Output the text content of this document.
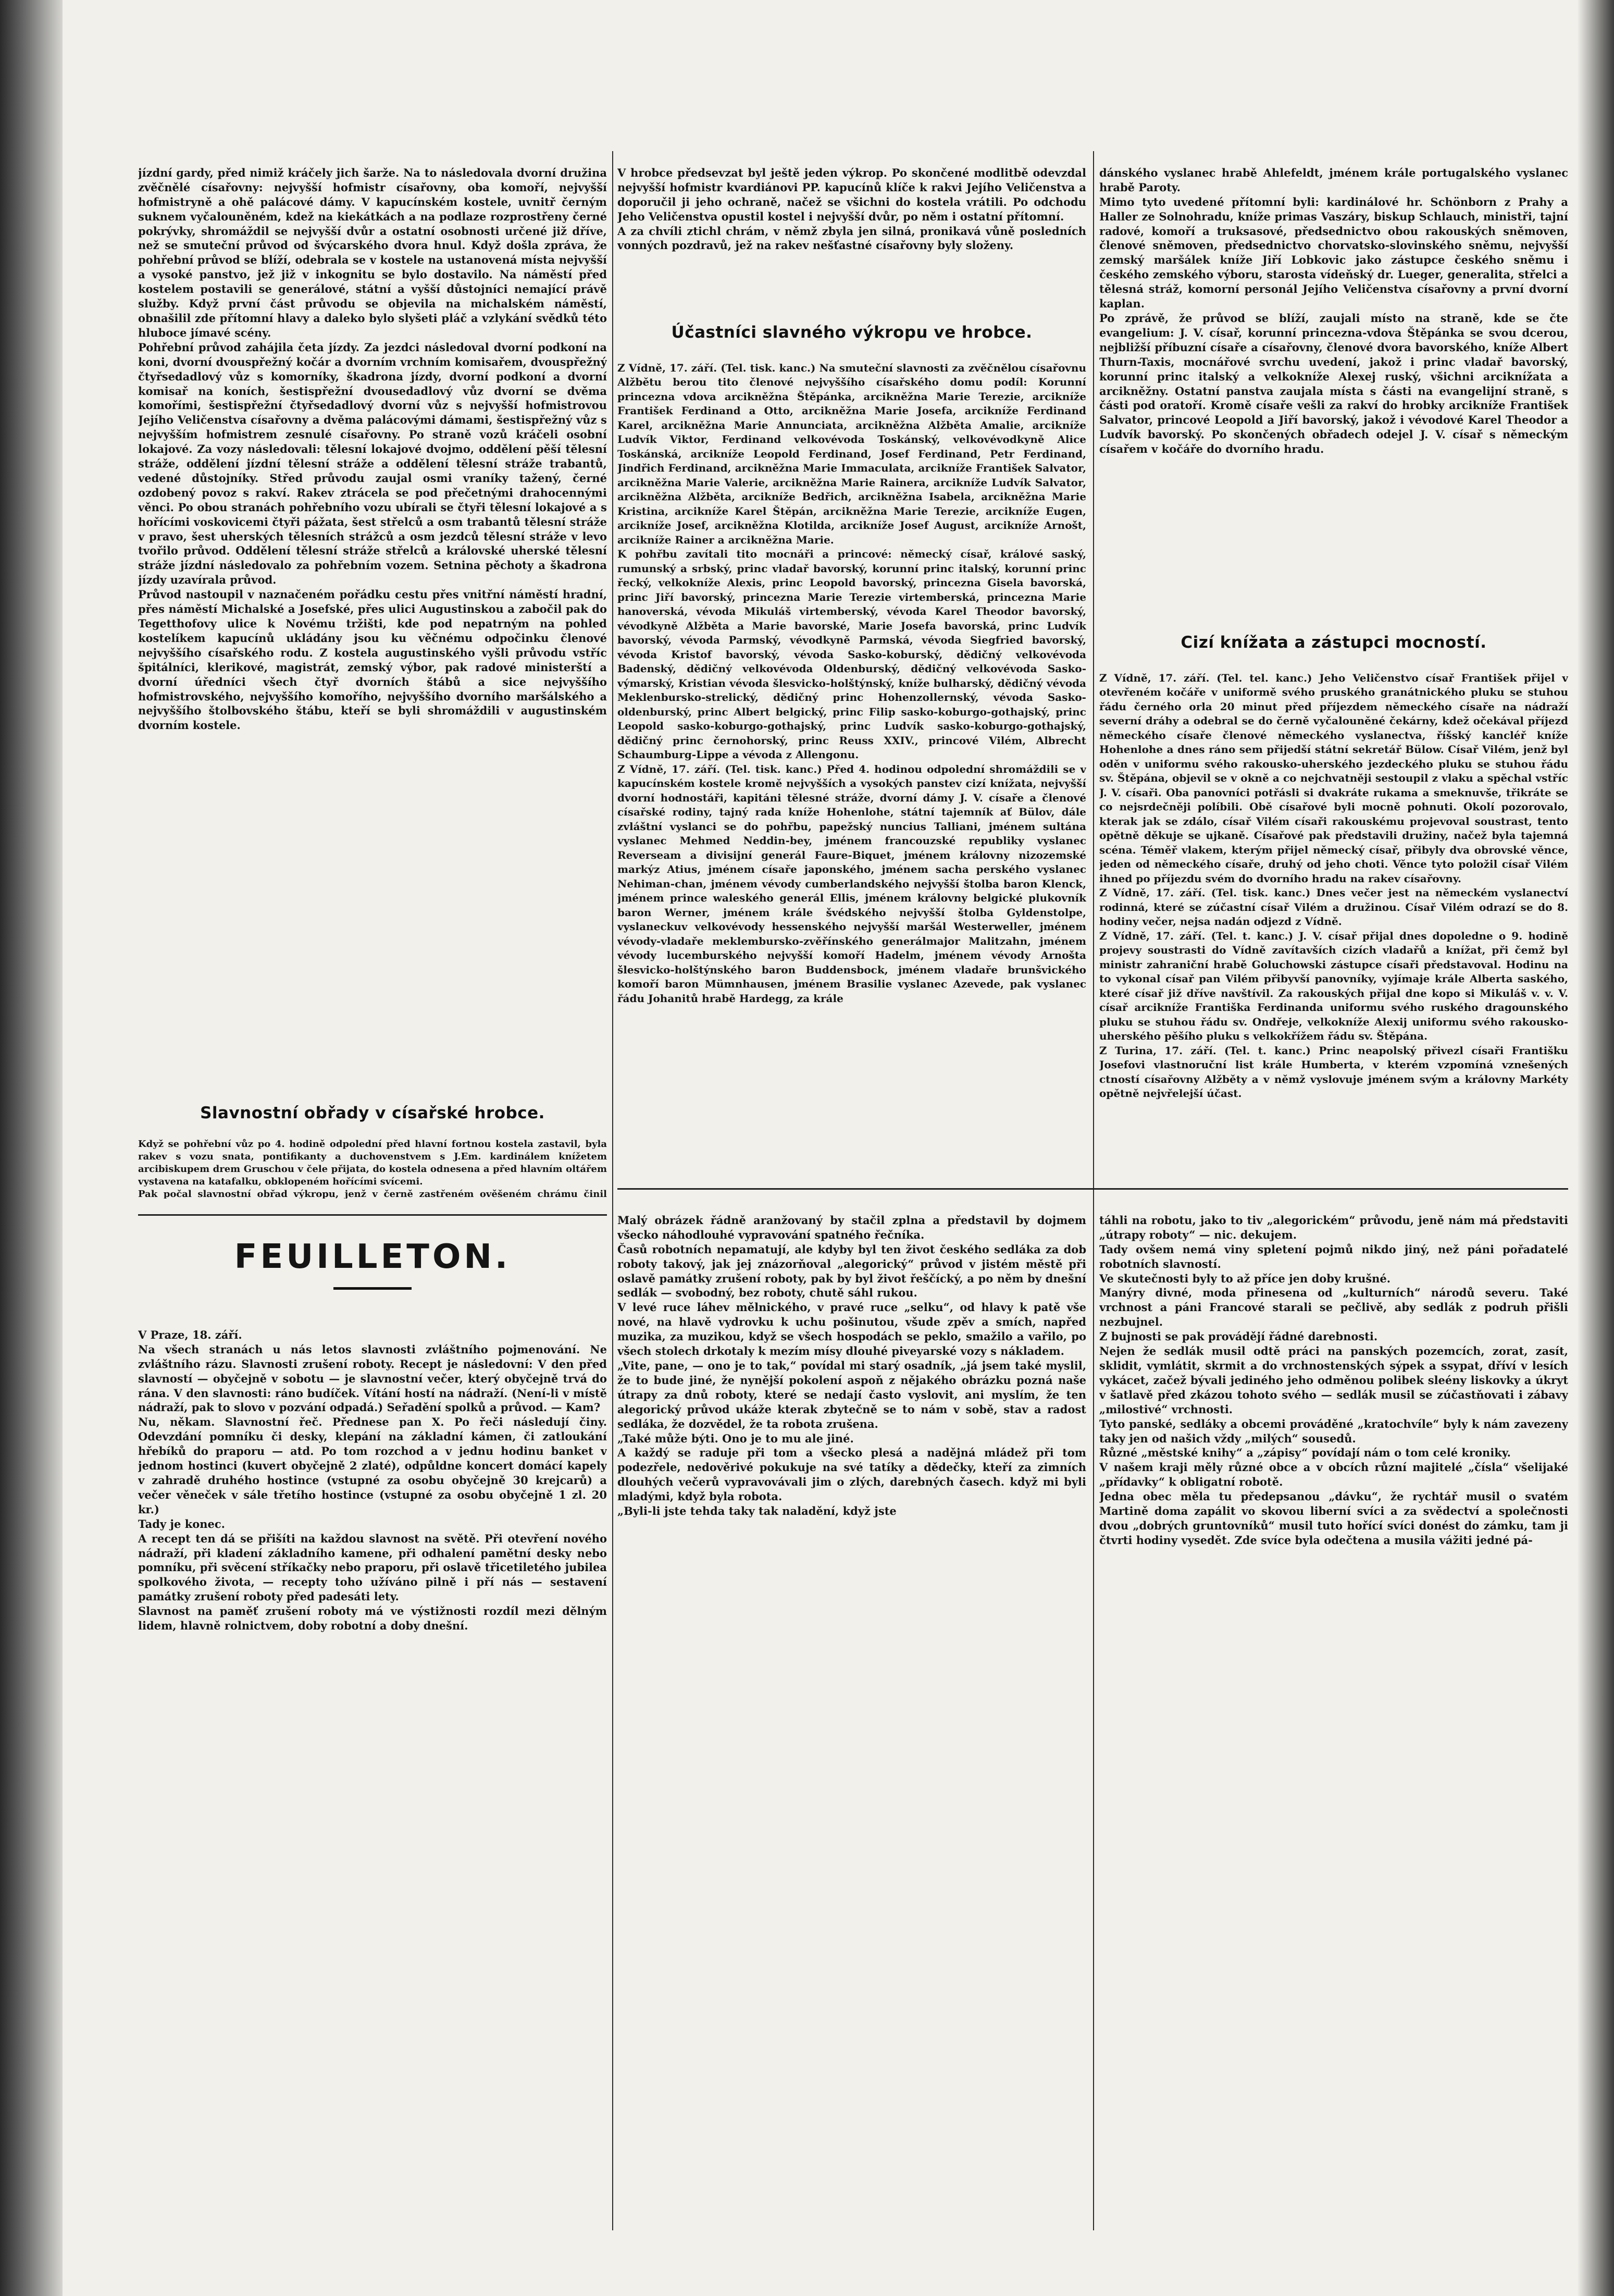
jízdní gardy, před nimiž kráčely jich šarže. Na to následovala dvorní družina zvěčnělé císařovny: nejvyšší hofmistr císařovny, oba komoří, nejvyšší hofmistryně a ohě palácové dámy. V kapucínském kostele, uvnitř černým suknem vyčalouněném, kdež na kiekátkách a na podlaze rozprostřeny černé pokrývky, shromáždil se nejvyšší dvůr a ostatní osobnosti určené již dříve, než se smuteční průvod od švýcarského dvora hnul. Když došla zpráva, že pohřební průvod se blíží, odebrala se v kostele na ustanovená místa nejvyšší a vysoké panstvo, jež již v inkognitu se bylo dostavilo. Na náměstí před kostelem postavili se generálové, státní a vyšší důstojníci nemající právě služby. Když první část průvodu se objevila na michalském náměstí, obnašilil zde přítomní hlavy a daleko bylo slyšeti pláč a vzlykání svědků této hluboce jímavé scény.
Pohřební průvod zahájila četa jízdy. Za jezdci následoval dvorní podkoní na koni, dvorní dvouspřežný kočár a dvorním vrchním komisařem, dvouspřežný čtyřsedadlový vůz s komorníky, škadrona jízdy, dvorní podkoní a dvorní komisař na koních, šestispřežní dvousedadlový vůz dvorní se dvěma komořími, šestispřežní čtyřsedadlový dvorní vůz s nejvyšší hofmistrovou Jejího Veličenstva císařovny a dvěma palácovými dámami, šestispřežný vůz s nejvyšším hofmistrem zesnulé císařovny. Po straně vozů kráčeli osobní lokajové. Za vozy následovali: tělesní lokajové dvojmo, oddělení pěší tělesní stráže, oddělení jízdní tělesní stráže a oddělení tělesní stráže trabantů, vedené důstojníky. Střed průvodu zaujal osmi vraníky tažený, černé ozdobený povoz s rakví. Rakev ztrácela se pod přečetnými drahocennými věnci. Po obou stranách pohřebního vozu ubírali se čtyři tělesní lokajové a s hořícími voskovicemi čtyři pážata, šest střelců a osm trabantů tělesní stráže v pravo, šest uherských tělesních strážců a osm jezdců tělesní stráže v levo tvořilo průvod. Oddělení tělesní stráže střelců a královské uherské tělesní stráže jízdní následovalo za pohřebním vozem. Setnina pěchoty a škadrona jízdy uzavírala průvod.
Průvod nastoupil v naznačeném pořádku cestu přes vnitřní náměstí hradní, přes náměstí Michalské a Josefské, přes ulici Augustinskou a zabočil pak do Tegetthofovy ulice k Novému tržišti, kde pod nepatrným na pohled kostelíkem kapucínů ukládány jsou ku věčnému odpočinku členové nejvyššího císařského rodu. Z kostela augustinského vyšli průvodu vstříc špitálníci, klerikové, magistrát, zemský výbor, pak radové ministerští a dvorní úředníci všech čtyř dvorních štábů a sice nejvyššího hofmistrovského, nejvyššího komořího, nejvyššího dvorního maršálského a nejvyššího štolbovského štábu, kteří se byli shromáždili v augustinském dvorním kostele.

Slavnostní obřady v císařské hrobce.

Když se pohřební vůz po 4. hodině odpolední před hlavní fortnou kostela zastavil, byla rakev s vozu snata, pontifikanty a duchovenstvem s J.Em. kardinálem knížetem arcibiskupem drem Gruschou v čele přijata, do kostela odnesena a před hlavním oltářem vystavena na katafalku, obklopeném hořícími svícemi.
Pak počal slavnostní obřad výkropu, jenž v černě zastřeném ověšeném chrámu činil

V hrobce předsevzat byl ještě jeden výkrop. Po skončené modlitbě odevzdal nejvyšší hofmistr kvardiánovi PP. kapucínů klíče k rakvi Jejího Veličenstva a doporučil ji jeho ochraně, načež se všichni do kostela vrátili. Po odchodu Jeho Veličenstva opustil kostel i nejvyšší dvůr, po něm i ostatní přítomní.
A za chvíli ztichl chrám, v němž zbyla jen silná, pronikavá vůně posledních vonných pozdravů, jež na rakev nešťastné císařovny byly složeny.

Účastníci slavného výkropu ve hrobce.

Z Vídně, 17. září. (Tel. tisk. kanc.) Na smuteční slavnosti za zvěčnělou císařovnu Alžbětu berou tito členové nejvyššího císařského domu podíl: Korunní princezna vdova arcikněžna Štěpánka, arcikněžna Marie Terezie, arcikníže František Ferdinand a Otto, arcikněžna Marie Josefa, arcikníže Ferdinand Karel, arcikněžna Marie Annunciata, arcikněžna Alžběta Amalie, arcikníže Ludvík Viktor, Ferdinand velkovévoda Toskánský, velkovévodkyně Alice Toskánská, arcikníže Leopold Ferdinand, Josef Ferdinand, Petr Ferdinand, Jindřich Ferdinand, arcikněžna Marie Immaculata, arcikníže František Salvator, arcikněžna Marie Valerie, arcikněžna Marie Rainera, arcikníže Ludvík Salvator, arcikněžna Alžběta, arcikníže Bedřich, arcikněžna Isabela, arcikněžna Marie Kristina, arcikníže Karel Štěpán, arcikněžna Marie Terezie, arcikníže Eugen, arcikníže Josef, arcikněžna Klotilda, arcikníže Josef August, arcikníže Arnošt, arcikníže Rainer a arcikněžna Marie.
K pohřbu zavítali tito mocnáři a princové: německý císař, králové saský, rumunský a srbský, princ vladař bavorský, korunní princ italský, korunní princ řecký, velkokníže Alexis, princ Leopold bavorský, princezna Gisela bavorská, princ Jiří bavorský, princezna Marie Terezie virtemberská, princezna Marie hanoverská, vévoda Mikuláš virtemberský, vévoda Karel Theodor bavorský, vévodkyně Alžběta a Marie bavorské, Marie Josefa bavorská, princ Ludvík bavorský, vévoda Parmský, vévodkyně Parmská, vévoda Siegfried bavorský, vévoda Kristof bavorský, vévoda Sasko-koburský, dědičný velkovévoda Badenský, dědičný velkovévoda Oldenburský, dědičný velkovévoda Sasko-výmarský, Kristian vévoda šlesvicko-holštýnský, kníže bulharský, dědičný vévoda Meklenbursko-strelický, dědičný princ Hohenzollernský, vévoda Sasko-oldenburský, princ Albert belgický, princ Filip sasko-koburgo-gothajský, princ Leopold sasko-koburgo-gothajský, princ Ludvík sasko-koburgo-gothajský, dědičný princ černohorský, princ Reuss XXIV., princové Vilém, Albrecht Schaumburg-Lippe a vévoda z Allengonu.
Z Vídně, 17. září. (Tel. tisk. kanc.) Před 4. hodinou odpolední shromáždili se v kapucínském kostele kromě nejvyšších a vysokých panstev cizí knížata, nejvyšší dvorní hodnostáři, kapitáni tělesné stráže, dvorní dámy J. V. císaře a členové císařské rodiny, tajný rada kníže Hohenlohe, státní tajemník ať Bülov, dále zvláštní vyslanci se do pohřbu, papežský nuncius Talliani, jménem sultána vyslanec Mehmed Neddin-bey, jménem francouzské republiky vyslanec Reverseam a divisijní generál Faure-Biquet, jménem královny nizozemské markýz Atius, jménem císaře japonského, jménem sacha perského vyslanec Nehiman-chan, jménem vévody cumberlandského nejvyšší štolba baron Klenck, jménem prince waleského generál Ellis, jménem královny belgické plukovník baron Werner, jménem krále švédského nejvyšší štolba Gyldenstolpe, vyslaneckuv velkovévody hessenského nejvyšší maršál Westerweller, jménem vévody-vladaře meklembursko-zvěřínského generálmajor Malitzahn, jménem vévody lucemburského nejvyšší komoří Hadelm, jménem vévody Arnošta šlesvicko-holštýnského baron Buddensbock, jménem vladaře brunšvického komoří baron Mümnhausen, jménem Brasilie vyslanec Azevede, pak vyslanec řádu Johanitů hrabě Hardegg, za krále

dánského vyslanec hrabě Ahlefeldt, jménem krále portugalského vyslanec hrabě Paroty.
Mimo tyto uvedené přítomní byli: kardinálové hr. Schönborn z Prahy a Haller ze Solnohradu, kníže primas Vaszáry, biskup Schlauch, ministři, tajní radové, komoří a truksasové, předsednictvo obou rakouských sněmoven, členové sněmoven, předsednictvo chorvatsko-slovinského sněmu, nejvyšší zemský maršálek kníže Jiří Lobkovic jako zástupce českého sněmu i českého zemského výboru, starosta vídeňský dr. Lueger, generalita, střelci a tělesná stráž, komorní personál Jejího Veličenstva císařovny a první dvorní kaplan.
Po zprávě, že průvod se blíží, zaujali místo na straně, kde se čte evangelium: J. V. císař, korunní princezna-vdova Štěpánka se svou dcerou, nejbližší příbuzní císaře a císařovny, členové dvora bavorského, kníže Albert Thurn-Taxis, mocnářové svrchu uvedení, jakož i princ vladař bavorský, korunní princ italský a velkokníže Alexej ruský, všichni arciknížata a arcikněžny. Ostatní panstva zaujala místa s části na evangelijní straně, s části pod oratoří. Kromě císaře vešli za rakví do hrobky arcikníže František Salvator, princové Leopold a Jiří bavorský, jakož i vévodové Karel Theodor a Ludvík bavorský. Po skončených obřadech odejel J. V. císař s německým císařem v kočáře do dvorního hradu.

Cizí knížata a zástupci mocností.

Z Vídně, 17. září. (Tel. tel. kanc.) Jeho Veličenstvo císař František přijel v otevřeném kočáře v uniformě svého pruského granátnického pluku se stuhou řádu černého orla 20 minut před příjezdem německého císaře na nádraží severní dráhy a odebral se do černě vyčalouněné čekárny, kdež očekával příjezd německého císaře členové německého vyslanectva, říšský kancléř kníže Hohenlohe a dnes ráno sem přijedší státní sekretář Bülow. Císař Vilém, jenž byl oděn v uniformu svého rakousko-uherského jezdeckého pluku se stuhou řádu sv. Štěpána, objevil se v okně a co nejchvatněji sestoupil z vlaku a spěchal vstříc J. V. císaři. Oba panovníci potřásli si dvakráte rukama a smeknuvše, třikráte se co nejsrdečněji políbili. Obě císařové byli mocně pohnuti. Okolí pozorovalo, kterak jak se zdálo, císař Vilém císaři rakouskému projevoval soustrast, tento opětně děkuje se ujkaně. Císařové pak představili družiny, načež byla tajemná scéna. Téměř vlakem, kterým přijel německý císař, přibyly dva obrovské věnce, jeden od německého císaře, druhý od jeho choti. Věnce tyto položil císař Vilém ihned po příjezdu svém do dvorního hradu na rakev císařovny.
Z Vídně, 17. září. (Tel. tisk. kanc.) Dnes večer jest na německém vyslanectví rodinná, které se zúčastní císař Vilém a družinou. Císař Vilém odrazí se do 8. hodiny večer, nejsa nadán odjezd z Vídně.
Z Vídně, 17. září. (Tel. t. kanc.) J. V. císař přijal dnes dopoledne o 9. hodině projevy soustrasti do Vídně zavítavších cizích vladařů a knížat, při čemž byl ministr zahraniční hrabě Goluchowski zástupce císaři představoval. Hodinu na to vykonal císař pan Vilém přibyvší panovníky, vyjímaje krále Alberta saského, které císař již dříve navštívil. Za rakouských přijal dne kopo si Mikuláš v. v. V. císař arcikníže Františka Ferdinanda uniformu svého ruského dragounského pluku se stuhou řádu sv. Ondřeje, velkokníže Alexij uniformu svého rakousko-uherského pěšího pluku s velkokřížem řádu sv. Štěpána.
Z Turina, 17. září. (Tel. t. kanc.) Princ neapolský přivezl císaři Františku Josefovi vlastnoruční list krále Humberta, v kterém vzpomíná vznešených ctností císařovny Alžběty a v němž vyslovuje jménem svým a královny Markéty opětně nejvřelejší účast.

FEUILLETON.

V Praze, 18. září.
Na všech stranách u nás letos slavnosti zvláštního pojmenování. Ne zvláštního rázu. Slavnosti zrušení roboty. Recept je následovní: V den před slavností — obyčejně v sobotu — je slavnostní večer, který obyčejně trvá do rána. V den slavnosti: ráno budíček. Vítání hostí na nádraží. (Není-li v místě nádraží, pak to slovo v pozvání odpadá.) Seřadění spolků a průvod. — Kam?
Nu, někam. Slavnostní řeč. Přednese pan X. Po řeči následují činy. Odevzdání pomníku či desky, klepání na základní kámen, či zatloukání hřebíků do praporu — atd. Po tom rozchod a v jednu hodinu banket v jednom hostinci (kuvert obyčejně 2 zlaté), odpůldne koncert domácí kapely v zahradě druhého hostince (vstupné za osobu obyčejně 30 krejcarů) a večer věneček v sále třetího hostince (vstupné za osobu obyčejně 1 zl. 20 kr.)
Tady je konec.
A recept ten dá se přišíti na každou slavnost na světě. Při otevření nového nádraží, při kladení základního kamene, při odhalení pamětní desky nebo pomníku, při svěcení stříkačky nebo praporu, při oslavě třicetiletého jubilea spolkového života, — recepty toho užíváno pilně i pří nás — sestavení památky zrušení roboty před padesáti lety.
Slavnost na paměť zrušení roboty má ve výstižnosti rozdíl mezi dělným lidem, hlavně rolnictvem, doby robotní a doby dnešní.

Malý obrázek řádně aranžovaný by stačil zplna a představil by dojmem všecko náhodlouhé vypravování spatného řečníka.
Časů robotních nepamatují, ale kdyby byl ten život českého sedláka za dob roboty takový, jak jej znázorňoval „alegorický“ průvod v jistém městě při oslavě památky zrušení roboty, pak by byl život řeščícký, a po něm by dnešní sedlák — svobodný, bez roboty, chutě sáhl rukou.
V levé ruce láhev mělnického, v pravé ruce „selku“, od hlavy k patě vše nové, na hlavě vydrovku k uchu pošinutou, všude zpěv a smích, napřed muzika, za muzikou, když se všech hospodách se peklo, smažilo a vařilo, po všech stolech drkotaly k mezím mísy dlouhé piveyarské vozy s nákladem.
„Vite, pane, — ono je to tak,“ povídal mi starý osadník, „já jsem také myslil, že to bude jiné, že nynější pokolení aspoň z nějakého obrázku pozná naše útrapy za dnů roboty, které se nedají často vyslovit, ani myslím, že ten alegorický průvod ukáže kterak zbytečně se to nám v sobě, stav a radost sedláka, že dozvědel, že ta robota zrušena.
„Také může býti. Ono je to mu ale jiné.
A každý se raduje při tom a všecko plesá a nadějná mládež při tom podezřele, nedověrivé pokukuje na své tatíky a dědečky, kteří za zimních dlouhých večerů vypravovávali jim o zlých, darebných časech. když mi byli mladými, když byla robota.
„Byli-li jste tehda taky tak naladění, když jste

táhli na robotu, jako to tiv „alegorickém“ průvodu, jeně nám má představiti „útrapy roboty“ — nic. dekujem.
Tady ovšem nemá viny spletení pojmů nikdo jiný, než páni pořadatelé robotních slavností.
Ve skutečnosti byly to až příce jen doby krušné.
Manýry divné, moda přinesena od „kulturních“ národů severu. Také vrchnost a páni Francové starali se pečlivě, aby sedlák z podruh přišli nezbujnel.
Z bujnosti se pak provádějí řádné darebnosti.
Nejen že sedlák musil odtě práci na panských pozemcích, zorat, zasít, sklidit, vymlátit, skrmit a do vrchnostenských sýpek a ssypat, dříví v lesích vykácet, začež bývali jediného jeho odměnou polibek sleény liskovky a úkryt v šatlavě před zkázou tohoto svého — sedlák musil se zúčastňovati i zábavy „milostivé“ vrchnosti.
Tyto panské, sedláky a obcemi prováděné „kratochvíle“ byly k nám zavezeny taky jen od našich vždy „milých“ sousedů.
Různé „městské knihy“ a „zápisy“ povídají nám o tom celé kroniky.
V našem kraji měly různé obce a v obcích různí majitelé „čísla“ všelijaké „přídavky“ k obligatní robotě.
Jedna obec měla tu předepsanou „dávku“, že rychtář musil o svatém Martině doma zapálit vo skovou liberní svíci a za svědectví a společnosti dvou „dobrých gruntovníků“ musil tuto hořící svíci donést do zámku, tam ji čtvrti hodiny vysedět. Zde svíce byla odečtena a musila vážiti jedné pá-
